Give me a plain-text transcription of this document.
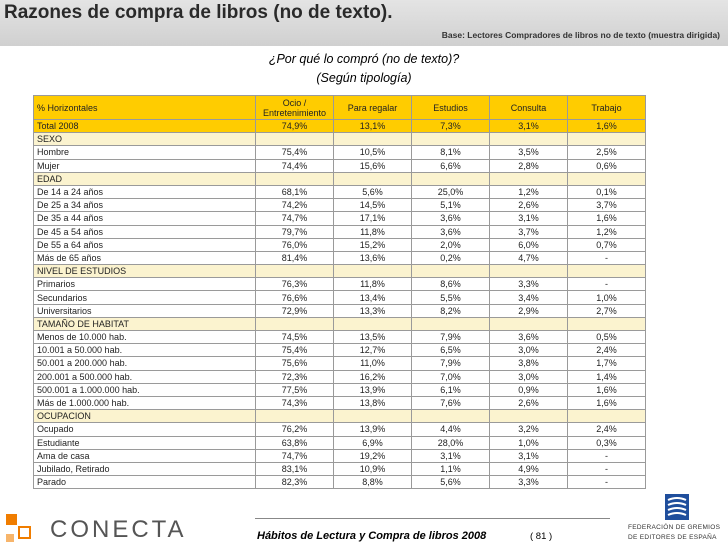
Razones de compra de libros (no de texto).
Base: Lectores Compradores de libros no de texto (muestra dirigida)
¿Por qué lo compró (no de texto)?
(Según tipología)
% Horizontales	Ocio / Entretenimiento	Para regalar	Estudios	Consulta	Trabajo
Total 2008	74,9%	13,1%	7,3%	3,1%	1,6%
SEXO					
Hombre	75,4%	10,5%	8,1%	3,5%	2,5%
Mujer	74,4%	15,6%	6,6%	2,8%	0,6%
EDAD					
De 14 a 24 años	68,1%	5,6%	25,0%	1,2%	0,1%
De 25 a 34 años	74,2%	14,5%	5,1%	2,6%	3,7%
De 35 a 44 años	74,7%	17,1%	3,6%	3,1%	1,6%
De 45 a 54 años	79,7%	11,8%	3,6%	3,7%	1,2%
De 55 a 64 años	76,0%	15,2%	2,0%	6,0%	0,7%
Más de 65 años	81,4%	13,6%	0,2%	4,7%	-
NIVEL DE ESTUDIOS					
Primarios	76,3%	11,8%	8,6%	3,3%	-
Secundarios	76,6%	13,4%	5,5%	3,4%	1,0%
Universitarios	72,9%	13,3%	8,2%	2,9%	2,7%
TAMAÑO DE HABITAT					
Menos de 10.000 hab.	74,5%	13,5%	7,9%	3,6%	0,5%
10.001 a 50.000 hab.	75,4%	12,7%	6,5%	3,0%	2,4%
50.001 a 200.000 hab.	75,6%	11,0%	7,9%	3,8%	1,7%
200.001 a 500.000 hab.	72,3%	16,2%	7,0%	3,0%	1,4%
500.001 a 1.000.000 hab.	77,5%	13,9%	6,1%	0,9%	1,6%
Más de 1.000.000 hab.	74,3%	13,8%	7,6%	2,6%	1,6%
OCUPACION					
Ocupado	76,2%	13,9%	4,4%	3,2%	2,4%
Estudiante	63,8%	6,9%	28,0%	1,0%	0,3%
Ama de casa	74,7%	19,2%	3,1%	3,1%	-
Jubilado, Retirado	83,1%	10,9%	1,1%	4,9%	-
Parado	82,3%	8,8%	5,6%	3,3%	-
Hábitos de Lectura y Compra de libros 2008	( 81 )
CONECTA	FEDERACIÓN DE GREMIOS
DE EDITORES DE ESPAÑA
